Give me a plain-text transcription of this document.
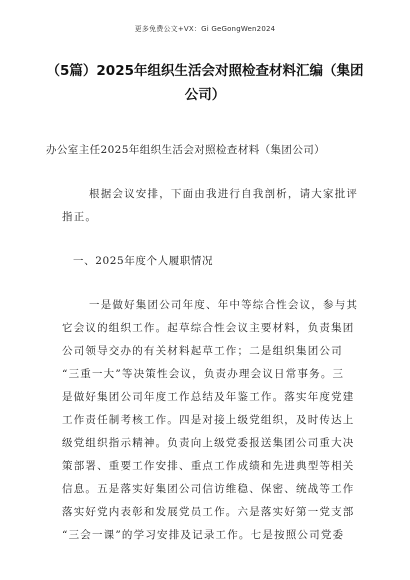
更多免费公文+VX：Gi GeGongWen2024
（5篇）2025年组织生活会对照检查材料汇编（集团
公司）
办公室主任2025年组织生活会对照检查材料（集团公司）
根据会议安排，下面由我进行自我剖析，请大家批评
指正。
一、2025年度个人履职情况
一是做好集团公司年度、年中等综合性会议，参与其
它会议的组织工作。起草综合性会议主要材料，负责集团
公司领导交办的有关材料起草工作；二是组织集团公司
“三重一大”等决策性会议，负责办理会议日常事务。三
是做好集团公司年度工作总结及年鉴工作。落实年度党建
工作责任制考核工作。四是对接上级党组织，及时传达上
级党组织指示精神。负责向上级党委报送集团公司重大决
策部署、重要工作安排、重点工作成绩和先进典型等相关
信息。五是落实好集团公司信访维稳、保密、统战等工作
落实好党内表彰和发展党员工作。六是落实好第一党支部
“三会一课”的学习安排及记录工作。七是按照公司党委
